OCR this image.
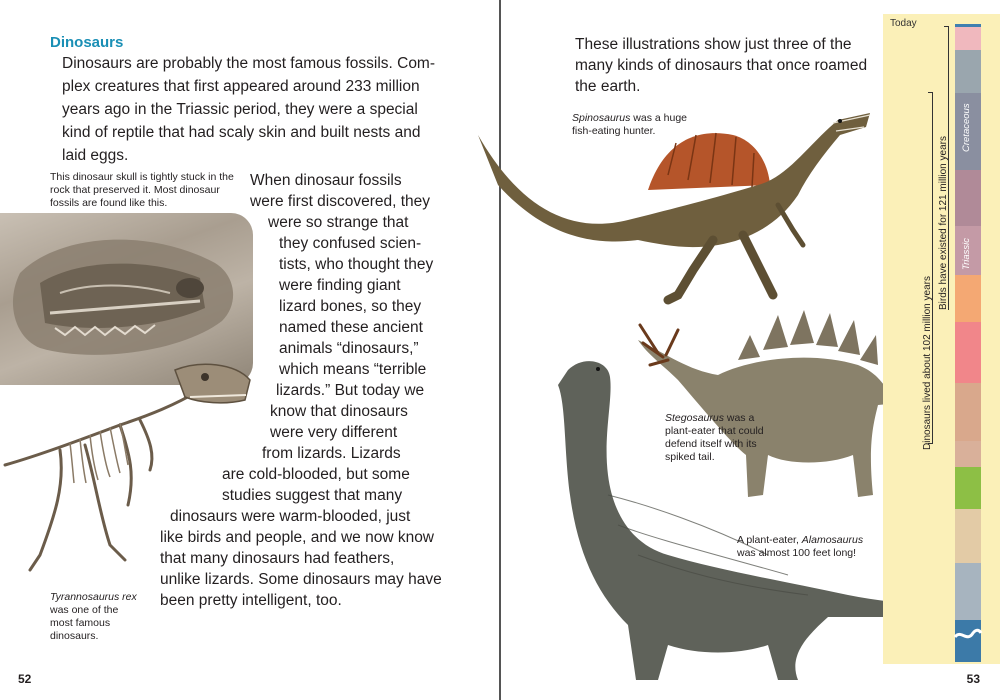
Dinosaurs
Dinosaurs are probably the most famous fossils. Com-
plex creatures that first appeared around 233 million
years ago in the Triassic period, they were a special
kind of reptile that had scaly skin and built nests and
laid eggs.
This dinosaur skull is tightly stuck in the rock that preserved it. Most dinosaur fossils are found like this.
When dinosaur fossils
were first discovered, they
were so strange that
they confused scien-
tists, who thought they
were finding giant
lizard bones, so they
named these ancient
animals “dinosaurs,”
which means “terrible
lizards.” But today we
know that dinosaurs
were very different
from lizards. Lizards
are cold-blooded, but some
studies suggest that many
dinosaurs were warm-blooded, just
like birds and people, and we now know
that many dinosaurs had feathers,
unlike lizards. Some dinosaurs may have
been pretty intelligent, too.
Tyrannosaurus rex was one of the most famous dinosaurs.
52
These illustrations show just three of the
many kinds of dinosaurs that once roamed
the earth.
Spinosaurus was a huge fish-eating hunter.
Stegosaurus was a plant-eater that could defend itself with its spiked tail.
A plant-eater, Alamosaurus was almost 100 feet long!
Today
Cretaceous
Triassic
Dinosaurs lived about 102 million years
Birds have existed for 121 million years
53
